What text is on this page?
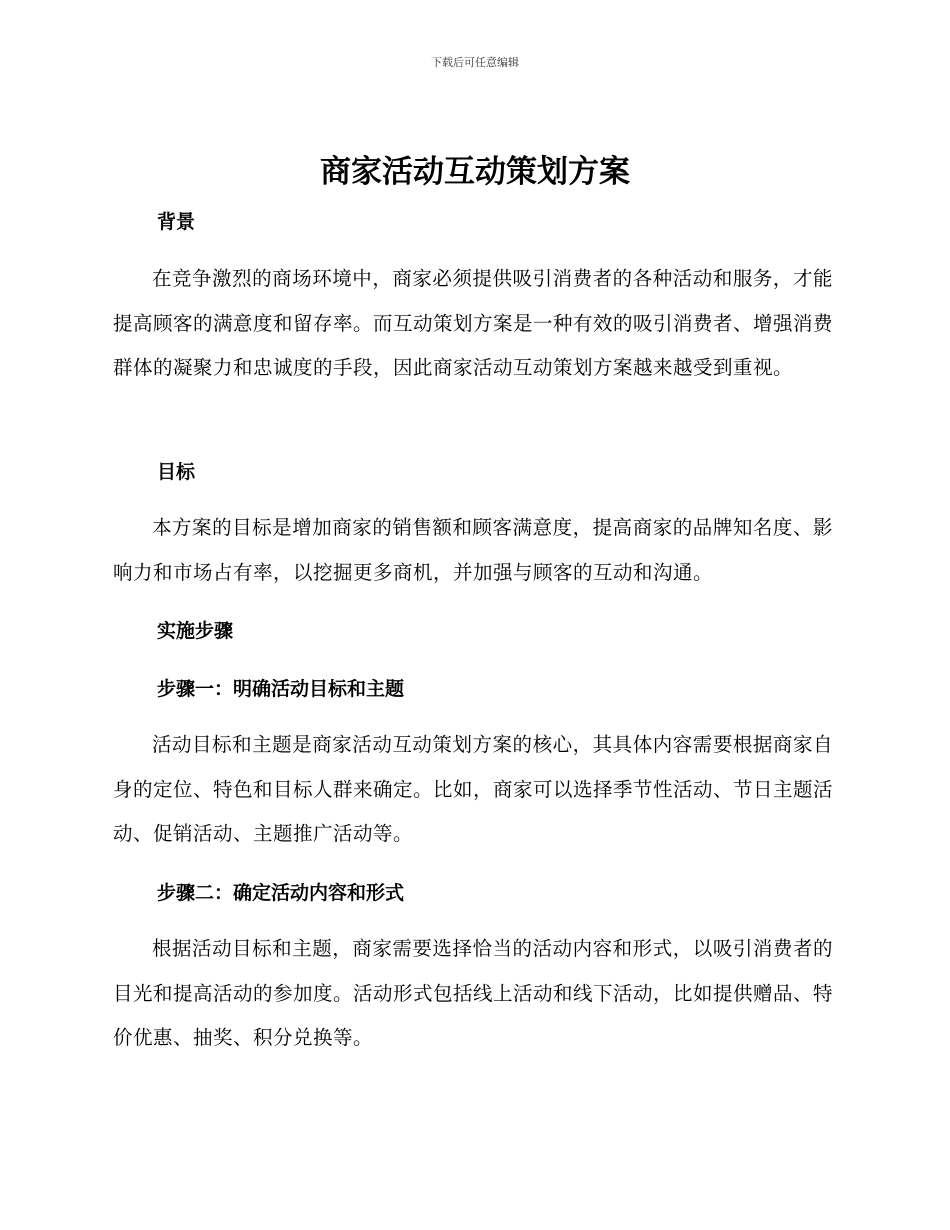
下载后可任意编辑
商家活动互动策划方案
背景

在竞争激烈的商场环境中，商家必须提供吸引消费者的各种活动和服务，才能提高顾客的满意度和留存率。而互动策划方案是一种有效的吸引消费者、增强消费群体的凝聚力和忠诚度的手段，因此商家活动互动策划方案越来越受到重视。

目标

本方案的目标是增加商家的销售额和顾客满意度，提高商家的品牌知名度、影响力和市场占有率，以挖掘更多商机，并加强与顾客的互动和沟通。

实施步骤
步骤一：明确活动目标和主题

活动目标和主题是商家活动互动策划方案的核心，其具体内容需要根据商家自身的定位、特色和目标人群来确定。比如，商家可以选择季节性活动、节日主题活动、促销活动、主题推广活动等。

步骤二：确定活动内容和形式

根据活动目标和主题，商家需要选择恰当的活动内容和形式，以吸引消费者的目光和提高活动的参加度。活动形式包括线上活动和线下活动，比如提供赠品、特价优惠、抽奖、积分兑换等。
